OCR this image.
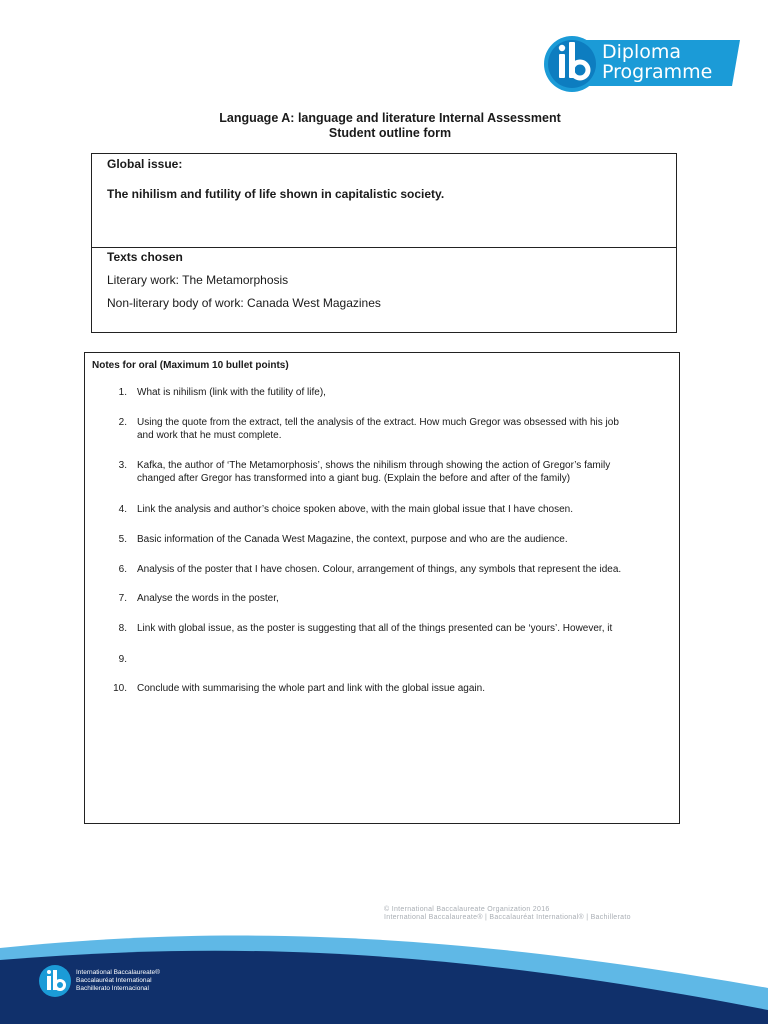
Diploma
Programme
Language A: language and literature Internal Assessment
Student outline form
Global issue:
The nihilism and futility of life shown in capitalistic society.
Texts chosen
Literary work: The Metamorphosis
Non-literary body of work: Canada West Magazines
Notes for oral (Maximum 10 bullet points)
1. What is nihilism (link with the futility of life),
2. Using the quote from the extract, tell the analysis of the extract. How much Gregor was obsessed with his job
and work that he must complete.
3. Kafka, the author of ‘The Metamorphosis’, shows the nihilism through showing the action of Gregor’s family
changed after Gregor has transformed into a giant bug. (Explain the before and after of the family)
4. Link the analysis and author’s choice spoken above, with the main global issue that I have chosen.
5. Basic information of the Canada West Magazine, the context, purpose and who are the audience.
6. Analysis of the poster that I have chosen. Colour, arrangement of things, any symbols that represent the idea.
7. Analyse the words in the poster,
8. Link with global issue, as the poster is suggesting that all of the things presented can be ‘yours’. However, it
9.
10. Conclude with summarising the whole part and link with the global issue again.
© International Baccalaureate Organization 2016
International Baccalaureate® | Baccalauréat International® | Bachillerato
International Baccalaureate®
Baccalauréat International
Bachillerato Internacional
